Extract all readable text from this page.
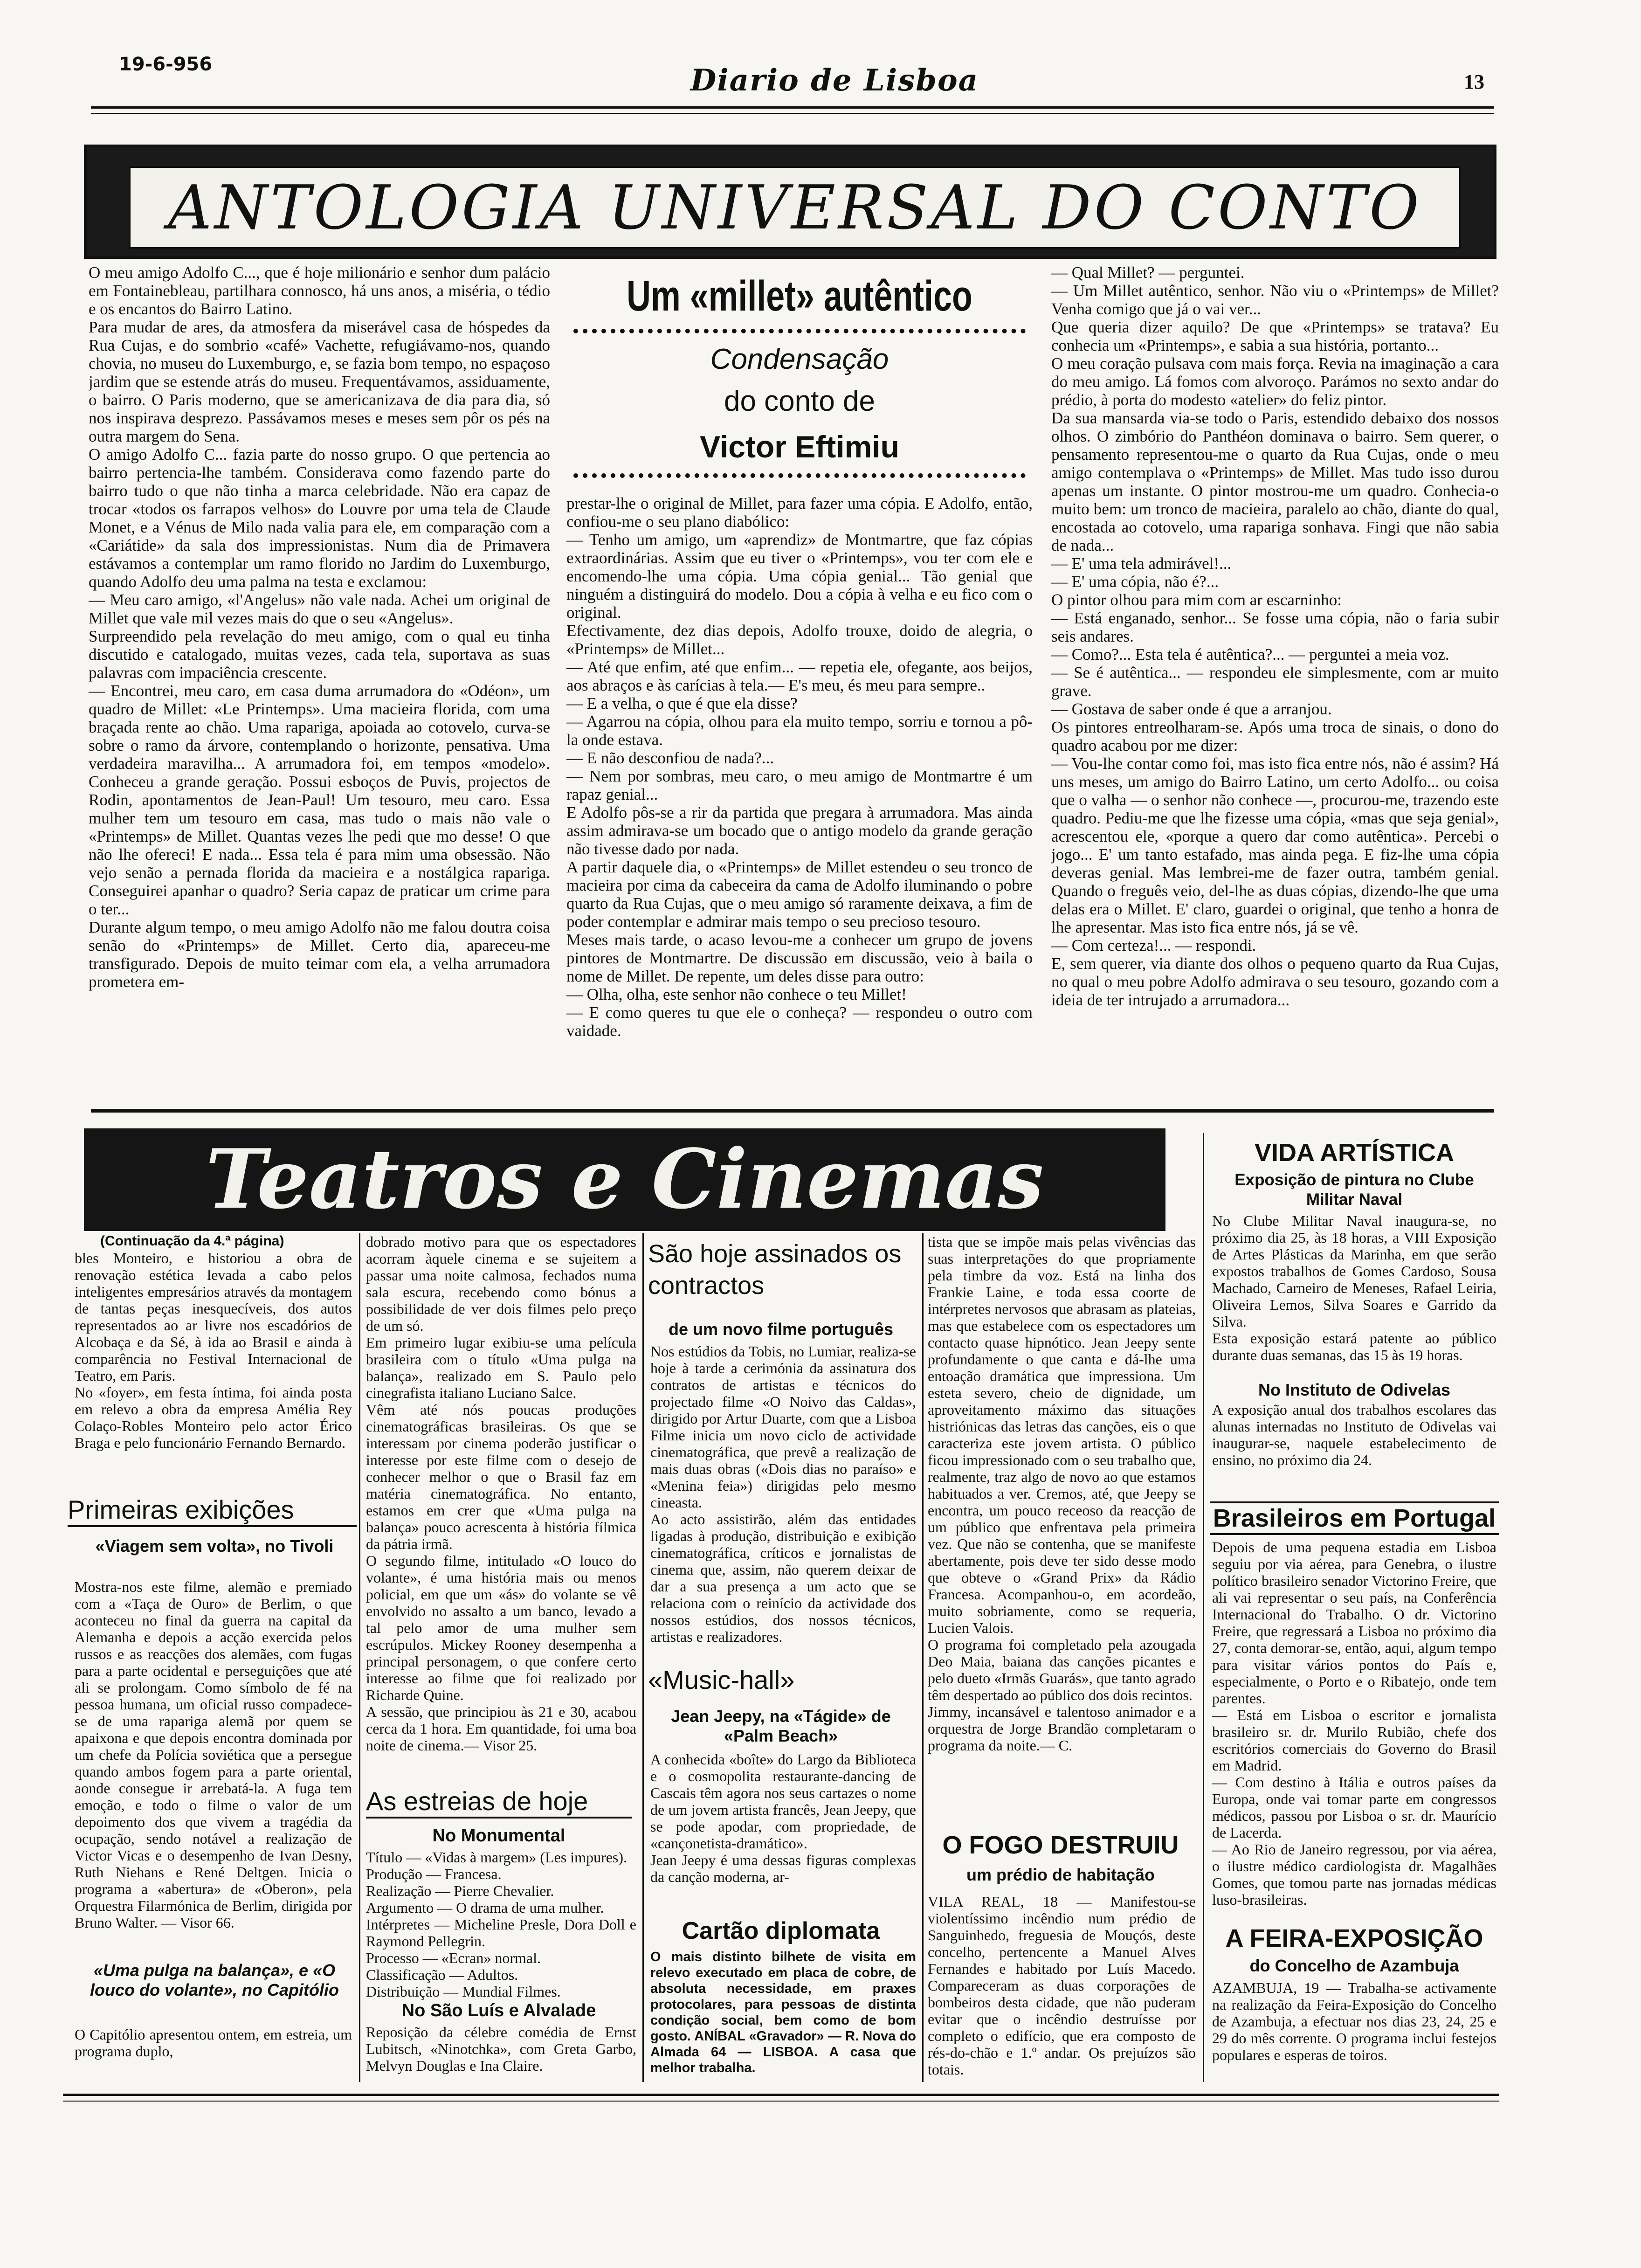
19-6-956	Diario de Lisboa	13
ANTOLOGIA UNIVERSAL DO CONTO
O meu amigo Adolfo C..., que é hoje milionário e senhor dum palácio em Fontainebleau, partilhara connosco, há uns anos, a miséria, o tédio e os encantos do Bairro Latino.
Para mudar de ares, da atmosfera da miserável casa de hóspedes da Rua Cujas, e do sombrio «café» Vachette, refugiávamo-nos, quando chovia, no museu do Luxemburgo, e, se fazia bom tempo, no espaçoso jardim que se estende atrás do museu. Frequentávamos, assiduamente, o bairro. O Paris moderno, que se americanizava de dia para dia, só nos inspirava desprezo. Passávamos meses e meses sem pôr os pés na outra margem do Sena.
O amigo Adolfo C... fazia parte do nosso grupo. O que pertencia ao bairro pertencia-lhe também. Considerava como fazendo parte do bairro tudo o que não tinha a marca celebridade. Não era capaz de trocar «todos os farrapos velhos» do Louvre por uma tela de Claude Monet, e a Vénus de Milo nada valia para ele, em comparação com a «Cariátide» da sala dos impressionistas. Num dia de Primavera estávamos a contemplar um ramo florido no Jardim do Luxemburgo, quando Adolfo deu uma palma na testa e exclamou:
— Meu caro amigo, «l'Angelus» não vale nada. Achei um original de Millet que vale mil vezes mais do que o seu «Angelus».
Surpreendido pela revelação do meu amigo, com o qual eu tinha discutido e catalogado, muitas vezes, cada tela, suportava as suas palavras com impaciência crescente.
— Encontrei, meu caro, em casa duma arrumadora do «Odéon», um quadro de Millet: «Le Printemps». Uma macieira florida, com uma braçada rente ao chão. Uma rapariga, apoiada ao cotovelo, curva-se sobre o ramo da árvore, contemplando o horizonte, pensativa. Uma verdadeira maravilha... A arrumadora foi, em tempos «modelo». Conheceu a grande geração. Possui esboços de Puvis, projectos de Rodin, apontamentos de Jean-Paul! Um tesouro, meu caro. Essa mulher tem um tesouro em casa, mas tudo o mais não vale o «Printemps» de Millet. Quantas vezes lhe pedi que mo desse! O que não lhe ofereci! E nada... Essa tela é para mim uma obsessão. Não vejo senão a pernada florida da macieira e a nostálgica rapariga. Conseguirei apanhar o quadro? Seria capaz de praticar um crime para o ter...
Durante algum tempo, o meu amigo Adolfo não me falou doutra coisa senão do «Printemps» de Millet. Certo dia, apareceu-me transfigurado. Depois de muito teimar com ela, a velha arrumadora prometera em-
Um «millet» autêntico
Condensação
do conto de
Victor Eftimiu
prestar-lhe o original de Millet, para fazer uma cópia. E Adolfo, então, confiou-me o seu plano diabólico:
— Tenho um amigo, um «aprendiz» de Montmartre, que faz cópias extraordinárias. Assim que eu tiver o «Printemps», vou ter com ele e encomendo-lhe uma cópia. Uma cópia genial... Tão genial que ninguém a distinguirá do modelo. Dou a cópia à velha e eu fico com o original.
Efectivamente, dez dias depois, Adolfo trouxe, doido de alegria, o «Printemps» de Millet...
— Até que enfim, até que enfim... — repetia ele, ofegante, aos beijos, aos abraços e às carícias à tela.— E's meu, és meu para sempre..
— E a velha, o que é que ela disse?
— Agarrou na cópia, olhou para ela muito tempo, sorriu e tornou a pô-la onde estava.
— E não desconfiou de nada?...
— Nem por sombras, meu caro, o meu amigo de Montmartre é um rapaz genial...
E Adolfo pôs-se a rir da partida que pregara à arrumadora. Mas ainda assim admirava-se um bocado que o antigo modelo da grande geração não tivesse dado por nada.
A partir daquele dia, o «Printemps» de Millet estendeu o seu tronco de macieira por cima da cabeceira da cama de Adolfo iluminando o pobre quarto da Rua Cujas, que o meu amigo só raramente deixava, a fim de poder contemplar e admirar mais tempo o seu precioso tesouro.
Meses mais tarde, o acaso levou-me a conhecer um grupo de jovens pintores de Montmartre. De discussão em discussão, veio à baila o nome de Millet. De repente, um deles disse para outro:
— Olha, olha, este senhor não conhece o teu Millet!
— E como queres tu que ele o conheça? — respondeu o outro com vaidade.
— Qual Millet? — perguntei.
— Um Millet autêntico, senhor. Não viu o «Printemps» de Millet? Venha comigo que já o vai ver...
Que queria dizer aquilo? De que «Printemps» se tratava? Eu conhecia um «Printemps», e sabia a sua história, portanto...
O meu coração pulsava com mais força. Revia na imaginação a cara do meu amigo. Lá fomos com alvoroço. Parámos no sexto andar do prédio, à porta do modesto «atelier» do feliz pintor.
Da sua mansarda via-se todo o Paris, estendido debaixo dos nossos olhos. O zimbório do Panthéon dominava o bairro. Sem querer, o pensamento representou-me o quarto da Rua Cujas, onde o meu amigo contemplava o «Printemps» de Millet. Mas tudo isso durou apenas um instante. O pintor mostrou-me um quadro. Conhecia-o muito bem: um tronco de macieira, paralelo ao chão, diante do qual, encostada ao cotovelo, uma rapariga sonhava. Fingi que não sabia de nada...
— E' uma tela admirável!...
— E' uma cópia, não é?...
O pintor olhou para mim com ar escarninho:
— Está enganado, senhor... Se fosse uma cópia, não o faria subir seis andares.
— Como?... Esta tela é autêntica?... — perguntei a meia voz.
— Se é autêntica... — respondeu ele simplesmente, com ar muito grave.
— Gostava de saber onde é que a arranjou.
Os pintores entreolharam-se. Após uma troca de sinais, o dono do quadro acabou por me dizer:
— Vou-lhe contar como foi, mas isto fica entre nós, não é assim? Há uns meses, um amigo do Bairro Latino, um certo Adolfo... ou coisa que o valha — o senhor não conhece —, procurou-me, trazendo este quadro. Pediu-me que lhe fizesse uma cópia, «mas que seja genial», acrescentou ele, «porque a quero dar como autêntica». Percebi o jogo... E' um tanto estafado, mas ainda pega. E fiz-lhe uma cópia deveras genial. Mas lembrei-me de fazer outra, também genial. Quando o freguês veio, del-lhe as duas cópias, dizendo-lhe que uma delas era o Millet. E' claro, guardei o original, que tenho a honra de lhe apresentar. Mas isto fica entre nós, já se vê.
— Com certeza!... — respondi.
E, sem querer, via diante dos olhos o pequeno quarto da Rua Cujas, no qual o meu pobre Adolfo admirava o seu tesouro, gozando com a ideia de ter intrujado a arrumadora...
Teatros e Cinemas
(Continuação da 4.ª página)
bles Monteiro, e historiou a obra de renovação estética levada a cabo pelos inteligentes empresários através da montagem de tantas peças inesquecíveis, dos autos representados ao ar livre nos escadórios de Alcobaça e da Sé, à ida ao Brasil e ainda à comparência no Festival Internacional de Teatro, em Paris.
No «foyer», em festa íntima, foi ainda posta em relevo a obra da empresa Amélia Rey Colaço-Robles Monteiro pelo actor Érico Braga e pelo funcionário Fernando Bernardo.
Primeiras exibições
«Viagem sem volta», no Tivoli
Mostra-nos este filme, alemão e premiado com a «Taça de Ouro» de Berlim, o que aconteceu no final da guerra na capital da Alemanha e depois a acção exercida pelos russos e as reacções dos alemães, com fugas para a parte ocidental e perseguições que até ali se prolongam. Como símbolo de fé na pessoa humana, um oficial russo compadece-se de uma rapariga alemã por quem se apaixona e que depois encontra dominada por um chefe da Polícia soviética que a persegue quando ambos fogem para a parte oriental, aonde consegue ir arrebatá-la. A fuga tem emoção, e todo o filme o valor de um depoimento dos que vivem a tragédia da ocupação, sendo notável a realização de Victor Vicas e o desempenho de Ivan Desny, Ruth Niehans e René Deltgen. Inicia o programa a «abertura» de «Oberon», pela Orquestra Filarmónica de Berlim, dirigida por Bruno Walter. — Visor 66.
«Uma pulga na balança», e «O louco do volante», no Capitólio
O Capitólio apresentou ontem, em estreia, um programa duplo,
dobrado motivo para que os espectadores acorram àquele cinema e se sujeitem a passar uma noite calmosa, fechados numa sala escura, recebendo como bónus a possibilidade de ver dois filmes pelo preço de um só.
Em primeiro lugar exibiu-se uma película brasileira com o título «Uma pulga na balança», realizado em S. Paulo pelo cinegrafista italiano Luciano Salce.
Vêm até nós poucas produções cinematográficas brasileiras. Os que se interessam por cinema poderão justificar o interesse por este filme com o desejo de conhecer melhor o que o Brasil faz em matéria cinematográfica. No entanto, estamos em crer que «Uma pulga na balança» pouco acrescenta à história fílmica da pátria irmã.
O segundo filme, intitulado «O louco do volante», é uma história mais ou menos policial, em que um «ás» do volante se vê envolvido no assalto a um banco, levado a tal pelo amor de uma mulher sem escrúpulos. Mickey Rooney desempenha a principal personagem, o que confere certo interesse ao filme que foi realizado por Richarde Quine.
A sessão, que principiou às 21 e 30, acabou cerca da 1 hora. Em quantidade, foi uma boa noite de cinema.— Visor 25.
As estreias de hoje
No Monumental
Título — «Vidas à margem» (Les impures).
Produção — Francesa.
Realização — Pierre Chevalier.
Argumento — O drama de uma mulher.
Intérpretes — Micheline Presle, Dora Doll e Raymond Pellegrin.
Processo — «Ecran» normal.
Classificação — Adultos.
Distribuição — Mundial Filmes.
No São Luís e Alvalade
Reposição da célebre comédia de Ernst Lubitsch, «Ninotchka», com Greta Garbo, Melvyn Douglas e Ina Claire.
São hoje assinados os contractos
de um novo filme português
Nos estúdios da Tobis, no Lumiar, realiza-se hoje à tarde a cerimónia da assinatura dos contratos de artistas e técnicos do projectado filme «O Noivo das Caldas», dirigido por Artur Duarte, com que a Lisboa Filme inicia um novo ciclo de actividade cinematográfica, que prevê a realização de mais duas obras («Dois dias no paraíso» e «Menina feia») dirigidas pelo mesmo cineasta.
Ao acto assistirão, além das entidades ligadas à produção, distribuição e exibição cinematográfica, críticos e jornalistas de cinema que, assim, não querem deixar de dar a sua presença a um acto que se relaciona com o reinício da actividade dos nossos estúdios, dos nossos técnicos, artistas e realizadores.
«Music-hall»
Jean Jeepy, na «Tágide» de «Palm Beach»
A conhecida «boîte» do Largo da Biblioteca e o cosmopolita restaurante-dancing de Cascais têm agora nos seus cartazes o nome de um jovem artista francês, Jean Jeepy, que se pode apodar, com propriedade, de «cançonetista-dramático».
Jean Jeepy é uma dessas figuras complexas da canção moderna, ar-
Cartão diplomata
O mais distinto bilhete de visita em relevo executado em placa de cobre, de absoluta necessidade, em praxes protocolares, para pessoas de distinta condição social, bem como de bom gosto. ANÍBAL «Gravador» — R. Nova do Almada 64 — LISBOA. A casa que melhor trabalha.
tista que se impõe mais pelas vivências das suas interpretações do que propriamente pela timbre da voz. Está na linha dos Frankie Laine, e toda essa coorte de intérpretes nervosos que abrasam as plateias, mas que estabelece com os espectadores um contacto quase hipnótico. Jean Jeepy sente profundamente o que canta e dá-lhe uma entoação dramática que impressiona. Um esteta severo, cheio de dignidade, um aproveitamento máximo das situações histriónicas das letras das canções, eis o que caracteriza este jovem artista. O público ficou impressionado com o seu trabalho que, realmente, traz algo de novo ao que estamos habituados a ver. Cremos, até, que Jeepy se encontra, um pouco receoso da reacção de um público que enfrentava pela primeira vez. Que não se contenha, que se manifeste abertamente, pois deve ter sido desse modo que obteve o «Grand Prix» da Rádio Francesa. Acompanhou-o, em acordeão, muito sobriamente, como se requeria, Lucien Valois.
O programa foi completado pela azougada Deo Maia, baiana das canções picantes e pelo dueto «Irmãs Guarás», que tanto agrado têm despertado ao público dos dois recintos.
Jimmy, incansável e talentoso animador e a orquestra de Jorge Brandão completaram o programa da noite.— C.
O FOGO DESTRUIU
um prédio de habitação
VILA REAL, 18 — Manifestou-se violentíssimo incêndio num prédio de Sanguinhedo, freguesia de Mouçós, deste concelho, pertencente a Manuel Alves Fernandes e habitado por Luís Macedo. Compareceram as duas corporações de bombeiros desta cidade, que não puderam evitar que o incêndio destruísse por completo o edifício, que era composto de rés-do-chão e 1.º andar. Os prejuízos são totais.
VIDA ARTÍSTICA
Exposição de pintura no Clube Militar Naval
No Clube Militar Naval inaugura-se, no próximo dia 25, às 18 horas, a VIII Exposição de Artes Plásticas da Marinha, em que serão expostos trabalhos de Gomes Cardoso, Sousa Machado, Carneiro de Meneses, Rafael Leiria, Oliveira Lemos, Silva Soares e Garrido da Silva.
Esta exposição estará patente ao público durante duas semanas, das 15 às 19 horas.
No Instituto de Odivelas
A exposição anual dos trabalhos escolares das alunas internadas no Instituto de Odivelas vai inaugurar-se, naquele estabelecimento de ensino, no próximo dia 24.
Brasileiros em Portugal
Depois de uma pequena estadia em Lisboa seguiu por via aérea, para Genebra, o ilustre político brasileiro senador Victorino Freire, que ali vai representar o seu país, na Conferência Internacional do Trabalho. O dr. Victorino Freire, que regressará a Lisboa no próximo dia 27, conta demorar-se, então, aqui, algum tempo para visitar vários pontos do País e, especialmente, o Porto e o Ribatejo, onde tem parentes.
— Está em Lisboa o escritor e jornalista brasileiro sr. dr. Murilo Rubião, chefe dos escritórios comerciais do Governo do Brasil em Madrid.
— Com destino à Itália e outros países da Europa, onde vai tomar parte em congressos médicos, passou por Lisboa o sr. dr. Maurício de Lacerda.
— Ao Rio de Janeiro regressou, por via aérea, o ilustre médico cardiologista dr. Magalhães Gomes, que tomou parte nas jornadas médicas luso-brasileiras.
A FEIRA-EXPOSIÇÃO
do Concelho de Azambuja
AZAMBUJA, 19 — Trabalha-se activamente na realização da Feira-Exposição do Concelho de Azambuja, a efectuar nos dias 23, 24, 25 e 29 do mês corrente. O programa inclui festejos populares e esperas de toiros.
